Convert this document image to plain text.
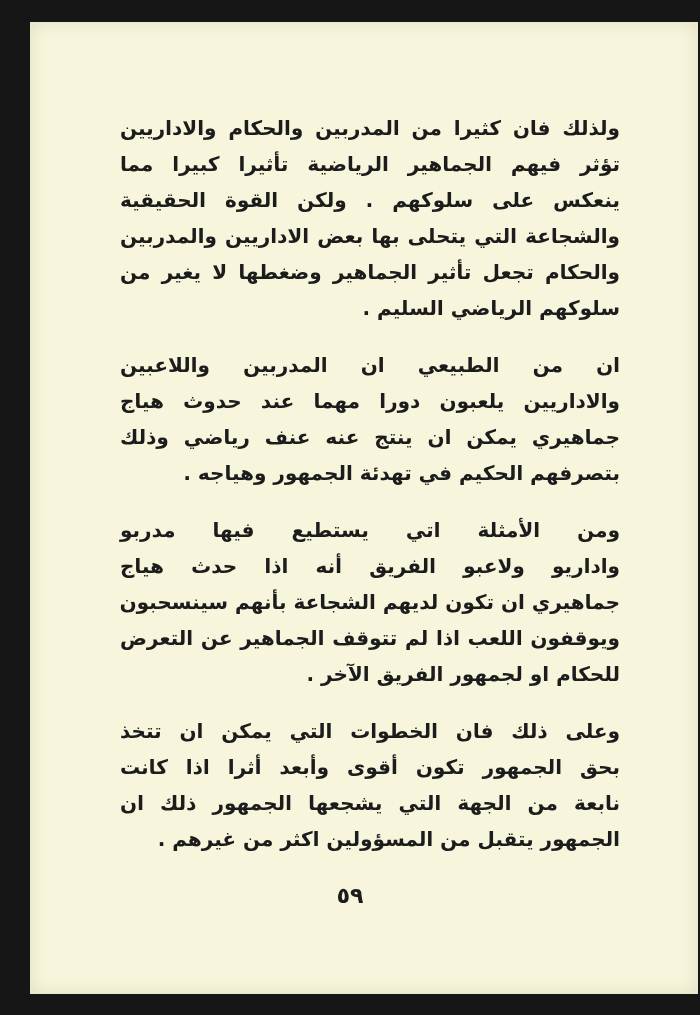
ولذلك فان كثيرا من المدربين والحكام والاداريين
تؤثر فيهم الجماهير الرياضية تأثيرا كبيرا مما
ينعكس على سلوكهم . ولكن القوة الحقيقية
والشجاعة التي يتحلى بها بعض الاداريين والمدربين
والحكام تجعل تأثير الجماهير وضغطها لا يغير من
سلوكهم الرياضي السليم .
ان من الطبيعي ان المدربين واللاعبين
والاداريين يلعبون دورا مهما عند حدوث هياج
جماهيري يمكن ان ينتج عنه عنف رياضي وذلك
بتصرفهم الحكيم في تهدئة الجمهور وهياجه .
ومن الأمثلة اتي يستطيع فيها مدربو
واداريو ولاعبو الفريق أنه اذا حدث هياج
جماهيري ان تكون لديهم الشجاعة بأنهم سينسحبون
ويوقفون اللعب اذا لم تتوقف الجماهير عن التعرض
للحكام او لجمهور الفريق الآخر .
وعلى ذلك فان الخطوات التي يمكن ان تتخذ
بحق الجمهور تكون أقوى وأبعد أثرا اذا كانت
نابعة من الجهة التي يشجعها الجمهور ذلك ان
الجمهور يتقبل من المسؤولين اكثر من غيرهم .
٥٩
